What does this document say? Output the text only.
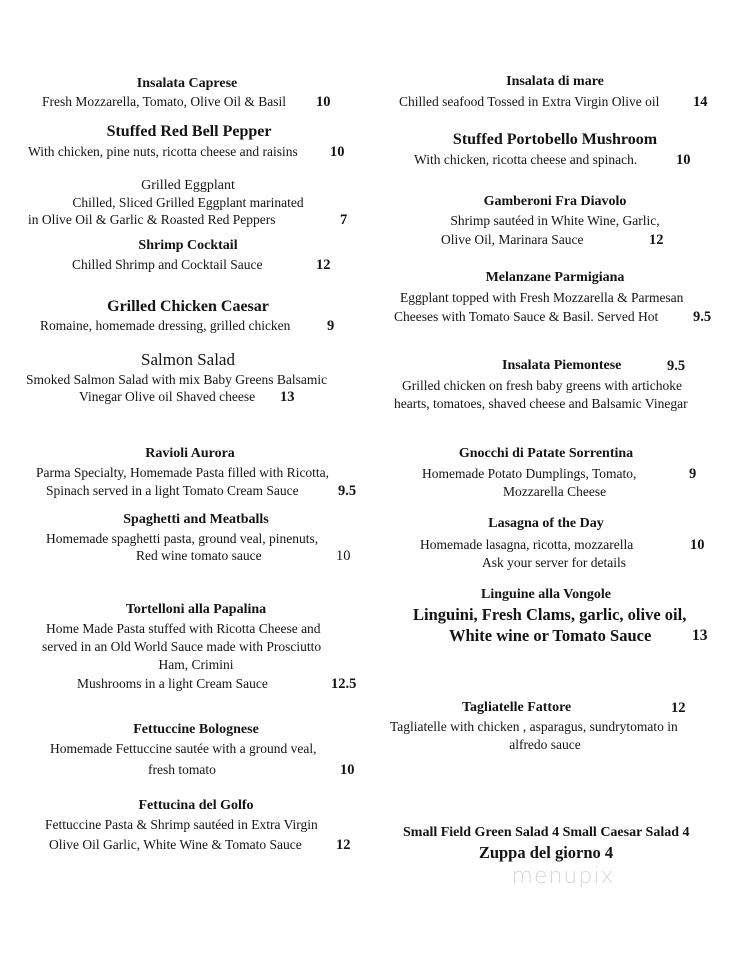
Insalata Caprese
Fresh Mozzarella, Tomato, Olive Oil & Basil 10
Stuffed Red Bell Pepper
With chicken, pine nuts, ricotta cheese and raisins 10
Grilled Eggplant
Chilled, Sliced Grilled Eggplant marinated
in Olive Oil & Garlic & Roasted Red Peppers	7
Shrimp Cocktail
Chilled Shrimp and Cocktail Sauce	12
Grilled Chicken Caesar
Romaine, homemade dressing, grilled chicken	9
Salmon Salad
Smoked Salmon Salad with mix Baby Greens Balsamic
Vinegar Olive oil Shaved cheese 13
Ravioli Aurora
Parma Specialty, Homemade Pasta filled with Ricotta,
Spinach served in a light Tomato Cream Sauce	9.5
Spaghetti and Meatballs
Homemade spaghetti pasta, ground veal, pinenuts,
Red wine tomato sauce	10
Tortelloni alla Papalina
Home Made Pasta stuffed with Ricotta Cheese and
served in an Old World Sauce made with Prosciutto
Ham, Crimini
Mushrooms in a light Cream Sauce	12.5
Fettuccine Bolognese
Homemade Fettuccine sautée with a ground veal,
fresh tomato	10
Fettucina del Golfo
Fettuccine Pasta & Shrimp sautéed in Extra Virgin
Olive Oil Garlic, White Wine & Tomato Sauce 12
Insalata di mare
Chilled seafood Tossed in Extra Virgin Olive oil 14
Stuffed Portobello Mushroom
With chicken, ricotta cheese and spinach.	10
Gamberoni Fra Diavolo
Shrimp sautéed in White Wine, Garlic,
Olive Oil, Marinara Sauce	12
Melanzane Parmigiana
Eggplant topped with Fresh Mozzarella & Parmesan
Cheeses with Tomato Sauce & Basil. Served Hot 9.5
Insalata Piemontese	9.5
Grilled chicken on fresh baby greens with artichoke
hearts, tomatoes, shaved cheese and Balsamic Vinegar
Gnocchi di Patate Sorrentina
Homemade Potato Dumplings, Tomato,	9
Mozzarella Cheese
Lasagna of the Day
Homemade lasagna, ricotta, mozzarella	10
Ask your server for details
Linguine alla Vongole
Linguini, Fresh Clams, garlic, olive oil,
White wine or Tomato Sauce	13
Tagliatelle Fattore	12
Tagliatelle with chicken , asparagus, sundrytomato in
alfredo sauce
Small Field Green Salad 4 Small Caesar Salad 4
Zuppa del giorno 4
menupix
